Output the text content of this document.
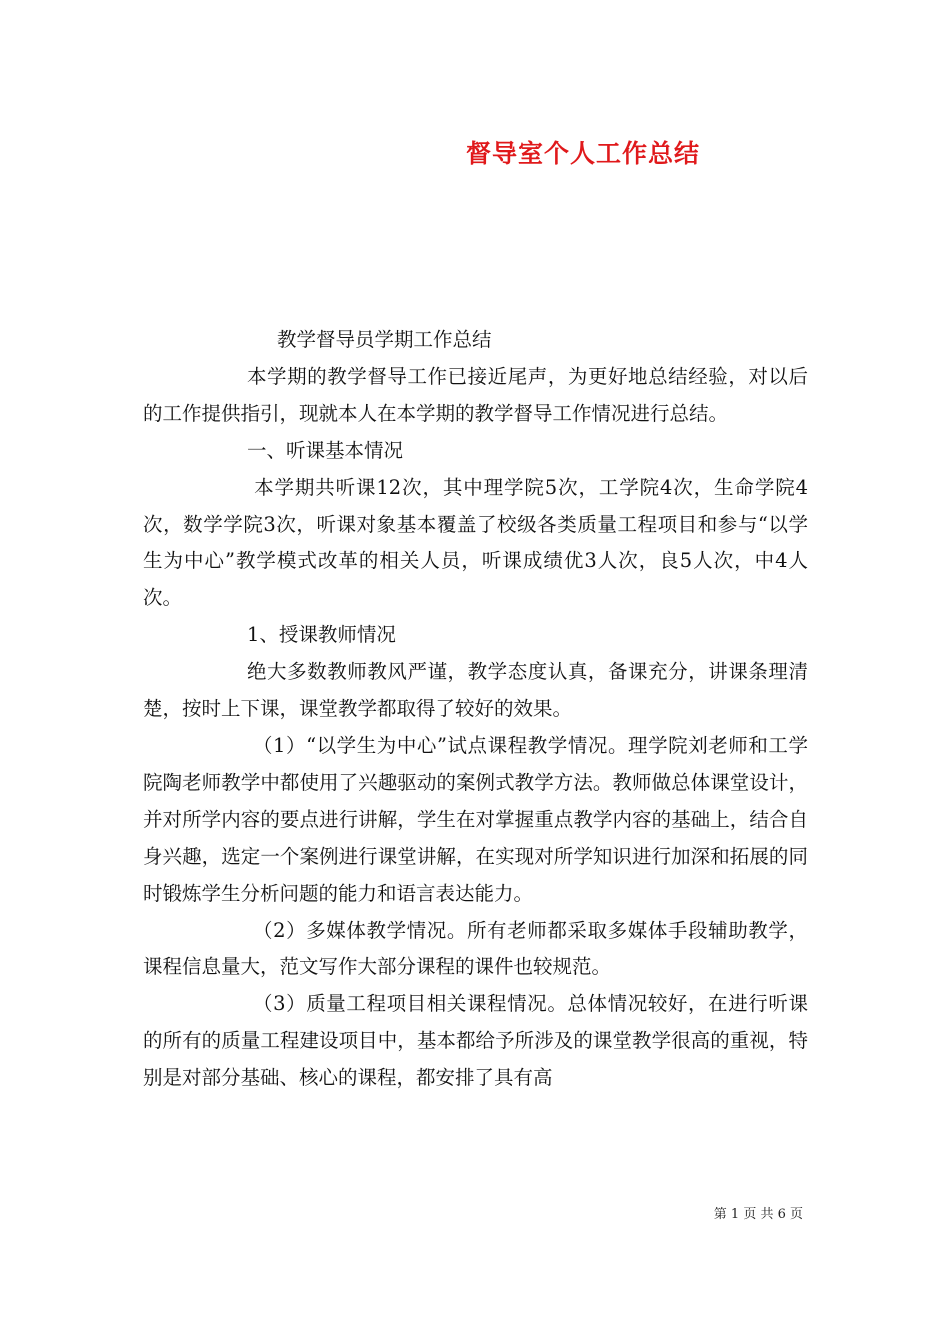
督导室个人工作总结

教学督导员学期工作总结

本学期的教学督导工作已接近尾声，为更好地总结经验，对以后的工作提供指引，现就本人在本学期的教学督导工作情况进行总结。

一、听课基本情况

本学期共听课12次，其中理学院5次，工学院4次，生命学院4次，数学学院3次，听课对象基本覆盖了校级各类质量工程项目和参与“以学生为中心”教学模式改革的相关人员，听课成绩优3人次，良5人次，中4人次。

1、授课教师情况

绝大多数教师教风严谨，教学态度认真，备课充分，讲课条理清楚，按时上下课，课堂教学都取得了较好的效果。

（1）“以学生为中心”试点课程教学情况。理学院刘老师和工学院陶老师教学中都使用了兴趣驱动的案例式教学方法。教师做总体课堂设计，并对所学内容的要点进行讲解，学生在对掌握重点教学内容的基础上，结合自身兴趣，选定一个案例进行课堂讲解，在实现对所学知识进行加深和拓展的同时锻炼学生分析问题的能力和语言表达能力。

（2）多媒体教学情况。所有老师都采取多媒体手段辅助教学，课程信息量大，范文写作大部分课程的课件也较规范。

（3）质量工程项目相关课程情况。总体情况较好，在进行听课的所有的质量工程建设项目中，基本都给予所涉及的课堂教学很高的重视，特别是对部分基础、核心的课程，都安排了具有高

第 1 页 共 6 页
